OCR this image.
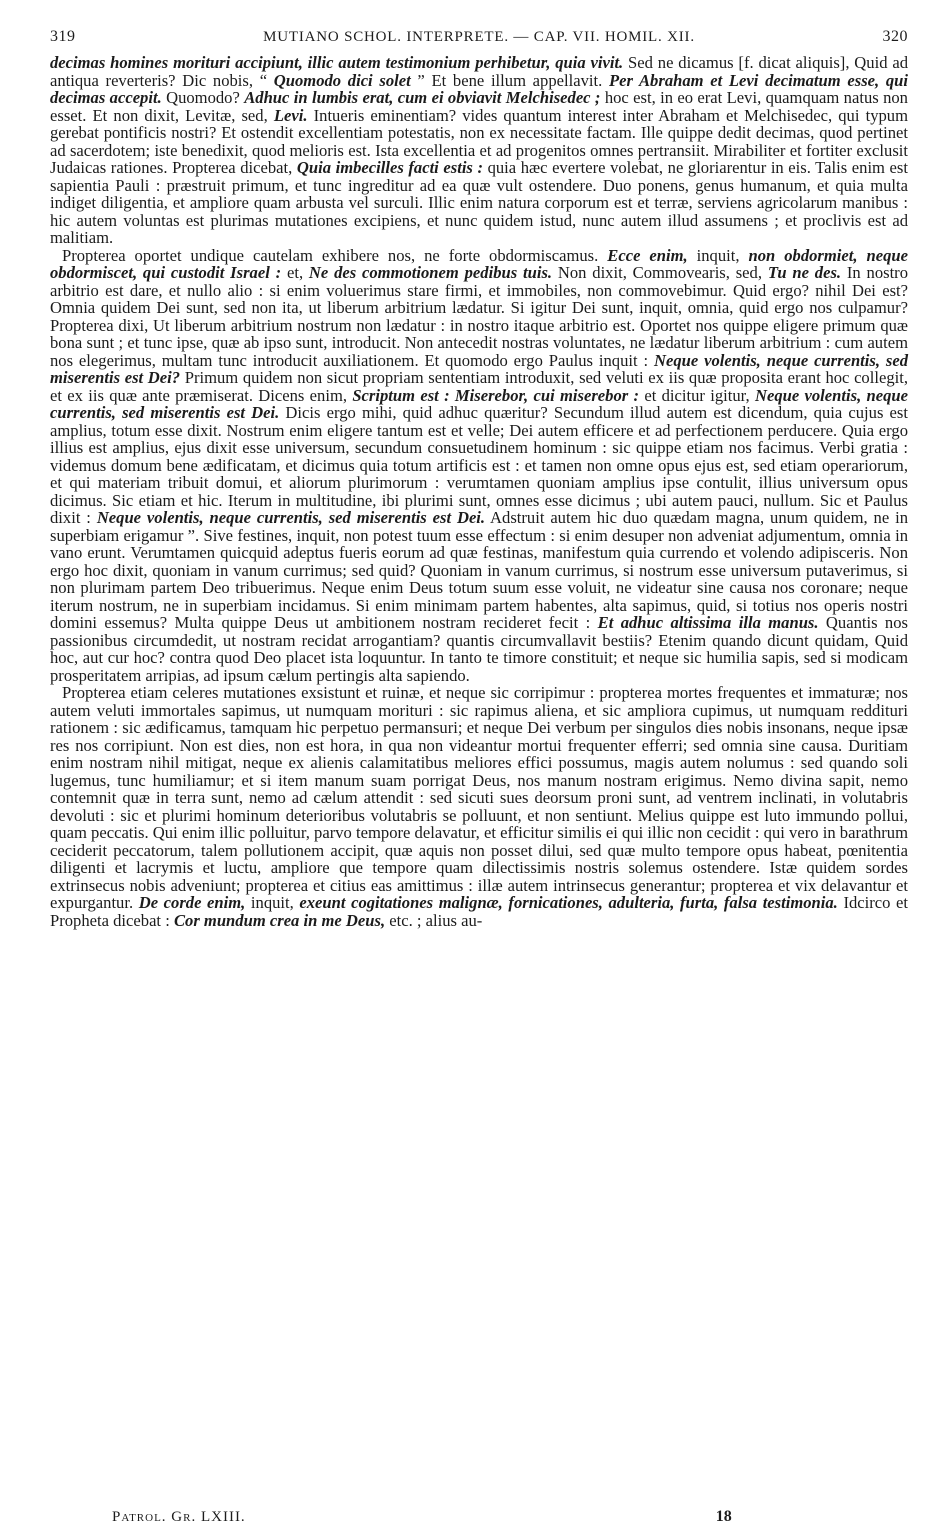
319	MUTIANO SCHOL. INTERPRETE. — CAP. VII. HOMIL. XII.	320

decimas homines morituri accipiunt, illic autem testimonium perhibetur, quia vivit. Sed ne dicamus [f. dicat aliquis], Quid ad antiqua reverteris? Dic nobis, “ Quomodo dici solet ” Et bene illum appellavit. Per Abraham et Levi decimatum esse, qui decimas accepit. Quomodo? Adhuc in lumbis erat, cum ei obviavit Melchisedec ; hoc est, in eo erat Levi, quamquam natus non esset. Et non dixit, Levitæ, sed, Levi. Intueris eminentiam? vides quantum interest inter Abraham et Melchisedec, qui typum gerebat pontificis nostri? Et ostendit excellentiam potestatis, non ex necessitate factam. Ille quippe dedit decimas, quod pertinet ad sacerdotem; iste benedixit, quod melioris est. Ista excellentia et ad progenitos omnes pertransiit. Mirabiliter et fortiter exclusit Judaicas rationes. Propterea dicebat, Quia imbecilles facti estis : quia hæc evertere volebat, ne gloriarentur in eis. Talis enim est sapientia Pauli : præstruit primum, et tunc ingreditur ad ea quæ vult ostendere. Duo ponens, genus humanum, et quia multa indiget diligentia, et ampliore quam arbusta vel surculi. Illic enim natura corporum est et terræ, serviens agricolarum manibus : hic autem voluntas est plurimas mutationes excipiens, et nunc quidem istud, nunc autem illud assumens ; et proclivis est ad malitiam.

Propterea oportet undique cautelam exhibere nos, ne forte obdormiscamus. Ecce enim, inquit, non obdormiet, neque obdormiscet, qui custodit Israel : et, Ne des commotionem pedibus tuis. Non dixit, Commovearis, sed, Tu ne des. In nostro arbitrio est dare, et nullo alio : si enim voluerimus stare firmi, et immobiles, non commovebimur. Quid ergo? nihil Dei est? Omnia quidem Dei sunt, sed non ita, ut liberum arbitrium lædatur. Si igitur Dei sunt, inquit, omnia, quid ergo nos culpamur? Propterea dixi, Ut liberum arbitrium nostrum non lædatur : in nostro itaque arbitrio est. Oportet nos quippe eligere primum quæ bona sunt ; et tunc ipse, quæ ab ipso sunt, introducit. Non antecedit nostras voluntates, ne lædatur liberum arbitrium : cum autem nos elegerimus, multam tunc introducit auxiliationem. Et quomodo ergo Paulus inquit : Neque volentis, neque currentis, sed miserentis est Dei? Primum quidem non sicut propriam sententiam introduxit, sed veluti ex iis quæ proposita erant hoc collegit, et ex iis quæ ante præmiserat. Dicens enim, Scriptum est : Miserebor, cui miserebor : et dicitur igitur, Neque volentis, neque currentis, sed miserentis est Dei. Dicis ergo mihi, quid adhuc quæritur? Secundum illud autem est dicendum, quia cujus est amplius, totum esse dixit. Nostrum enim eligere tantum est et velle; Dei autem efficere et ad perfectionem perducere. Quia ergo illius est amplius, ejus dixit esse universum, secundum consuetudinem hominum : sic quippe etiam nos facimus. Verbi gratia : videmus domum bene ædificatam, et dicimus quia totum artificis est : et tamen non omne opus ejus est, sed etiam operariorum, et qui materiam tribuit domui, et aliorum plurimorum : verumtamen quoniam amplius ipse contulit, illius universum opus dicimus. Sic etiam et hic. Iterum in multitudine, ibi plurimi sunt, omnes esse dicimus ; ubi autem pauci, nullum. Sic et Paulus dixit : Neque volentis, neque currentis, sed miserentis est Dei. Adstruit autem hic duo quædam magna, unum quidem, ne in superbiam erigamur ”. Sive festines, inquit, non potest tuum esse effectum : si enim desuper non adveniat adjumentum, omnia in vano erunt. Verumtamen quicquid adeptus fueris eorum ad quæ festinas, manifestum quia currendo et volendo adipisceris. Non ergo hoc dixit, quoniam in vanum currimus; sed quid? Quoniam in vanum currimus, si nostrum esse universum putaverimus, si non plurimam partem Deo tribuerimus. Neque enim Deus totum suum esse voluit, ne videatur sine causa nos coronare; neque iterum nostrum, ne in superbiam incidamus. Si enim minimam partem habentes, alta sapimus, quid, si totius nos operis nostri domini essemus? Multa quippe Deus ut ambitionem nostram recideret fecit : Et adhuc altissima illa manus. Quantis nos passionibus circumdedit, ut nostram recidat arrogantiam? quantis circumvallavit bestiis? Etenim quando dicunt quidam, Quid hoc, aut cur hoc? contra quod Deo placet ista loquuntur. In tanto te timore constituit; et neque sic humilia sapis, sed si modicam prosperitatem arripias, ad ipsum cælum pertingis alta sapiendo.

Propterea etiam celeres mutationes exsistunt et ruinæ, et neque sic corripimur : propterea mortes frequentes et immaturæ; nos autem veluti immortales sapimus, ut numquam morituri : sic rapimus aliena, et sic ampliora cupimus, ut numquam reddituri rationem : sic ædificamus, tamquam hic perpetuo permansuri; et neque Dei verbum per singulos dies nobis insonans, neque ipsæ res nos corripiunt. Non est dies, non est hora, in qua non videantur mortui frequenter efferri; sed omnia sine causa. Duritiam enim nostram nihil mitigat, neque ex alienis calamitatibus meliores effici possumus, magis autem nolumus : sed quando soli lugemus, tunc humiliamur; et si item manum suam porrigat Deus, nos manum nostram erigimus. Nemo divina sapit, nemo contemnit quæ in terra sunt, nemo ad cælum attendit : sed sicuti sues deorsum proni sunt, ad ventrem inclinati, in volutabris devoluti : sic et plurimi hominum deterioribus volutabris se polluunt, et non sentiunt. Melius quippe est luto immundo pollui, quam peccatis. Qui enim illic polluitur, parvo tempore delavatur, et efficitur similis ei qui illic non cecidit : qui vero in barathrum ceciderit peccatorum, talem pollutionem accipit, quæ aquis non posset dilui, sed quæ multo tempore opus habeat, pœnitentia diligenti et lacrymis et luctu, ampliore que tempore quam dilectissimis nostris solemus ostendere. Istæ quidem sordes extrinsecus nobis adveniunt; propterea et citius eas amittimus : illæ autem intrinsecus generantur; propterea et vix delavantur et expurgantur. De corde enim, inquit, exeunt cogitationes malignæ, fornicationes, adulteria, furta, falsa testimonia. Idcirco et Propheta dicebat : Cor mundum crea in me Deus, etc. ; alius au-

Patrol. Gr. LXIII.	18
